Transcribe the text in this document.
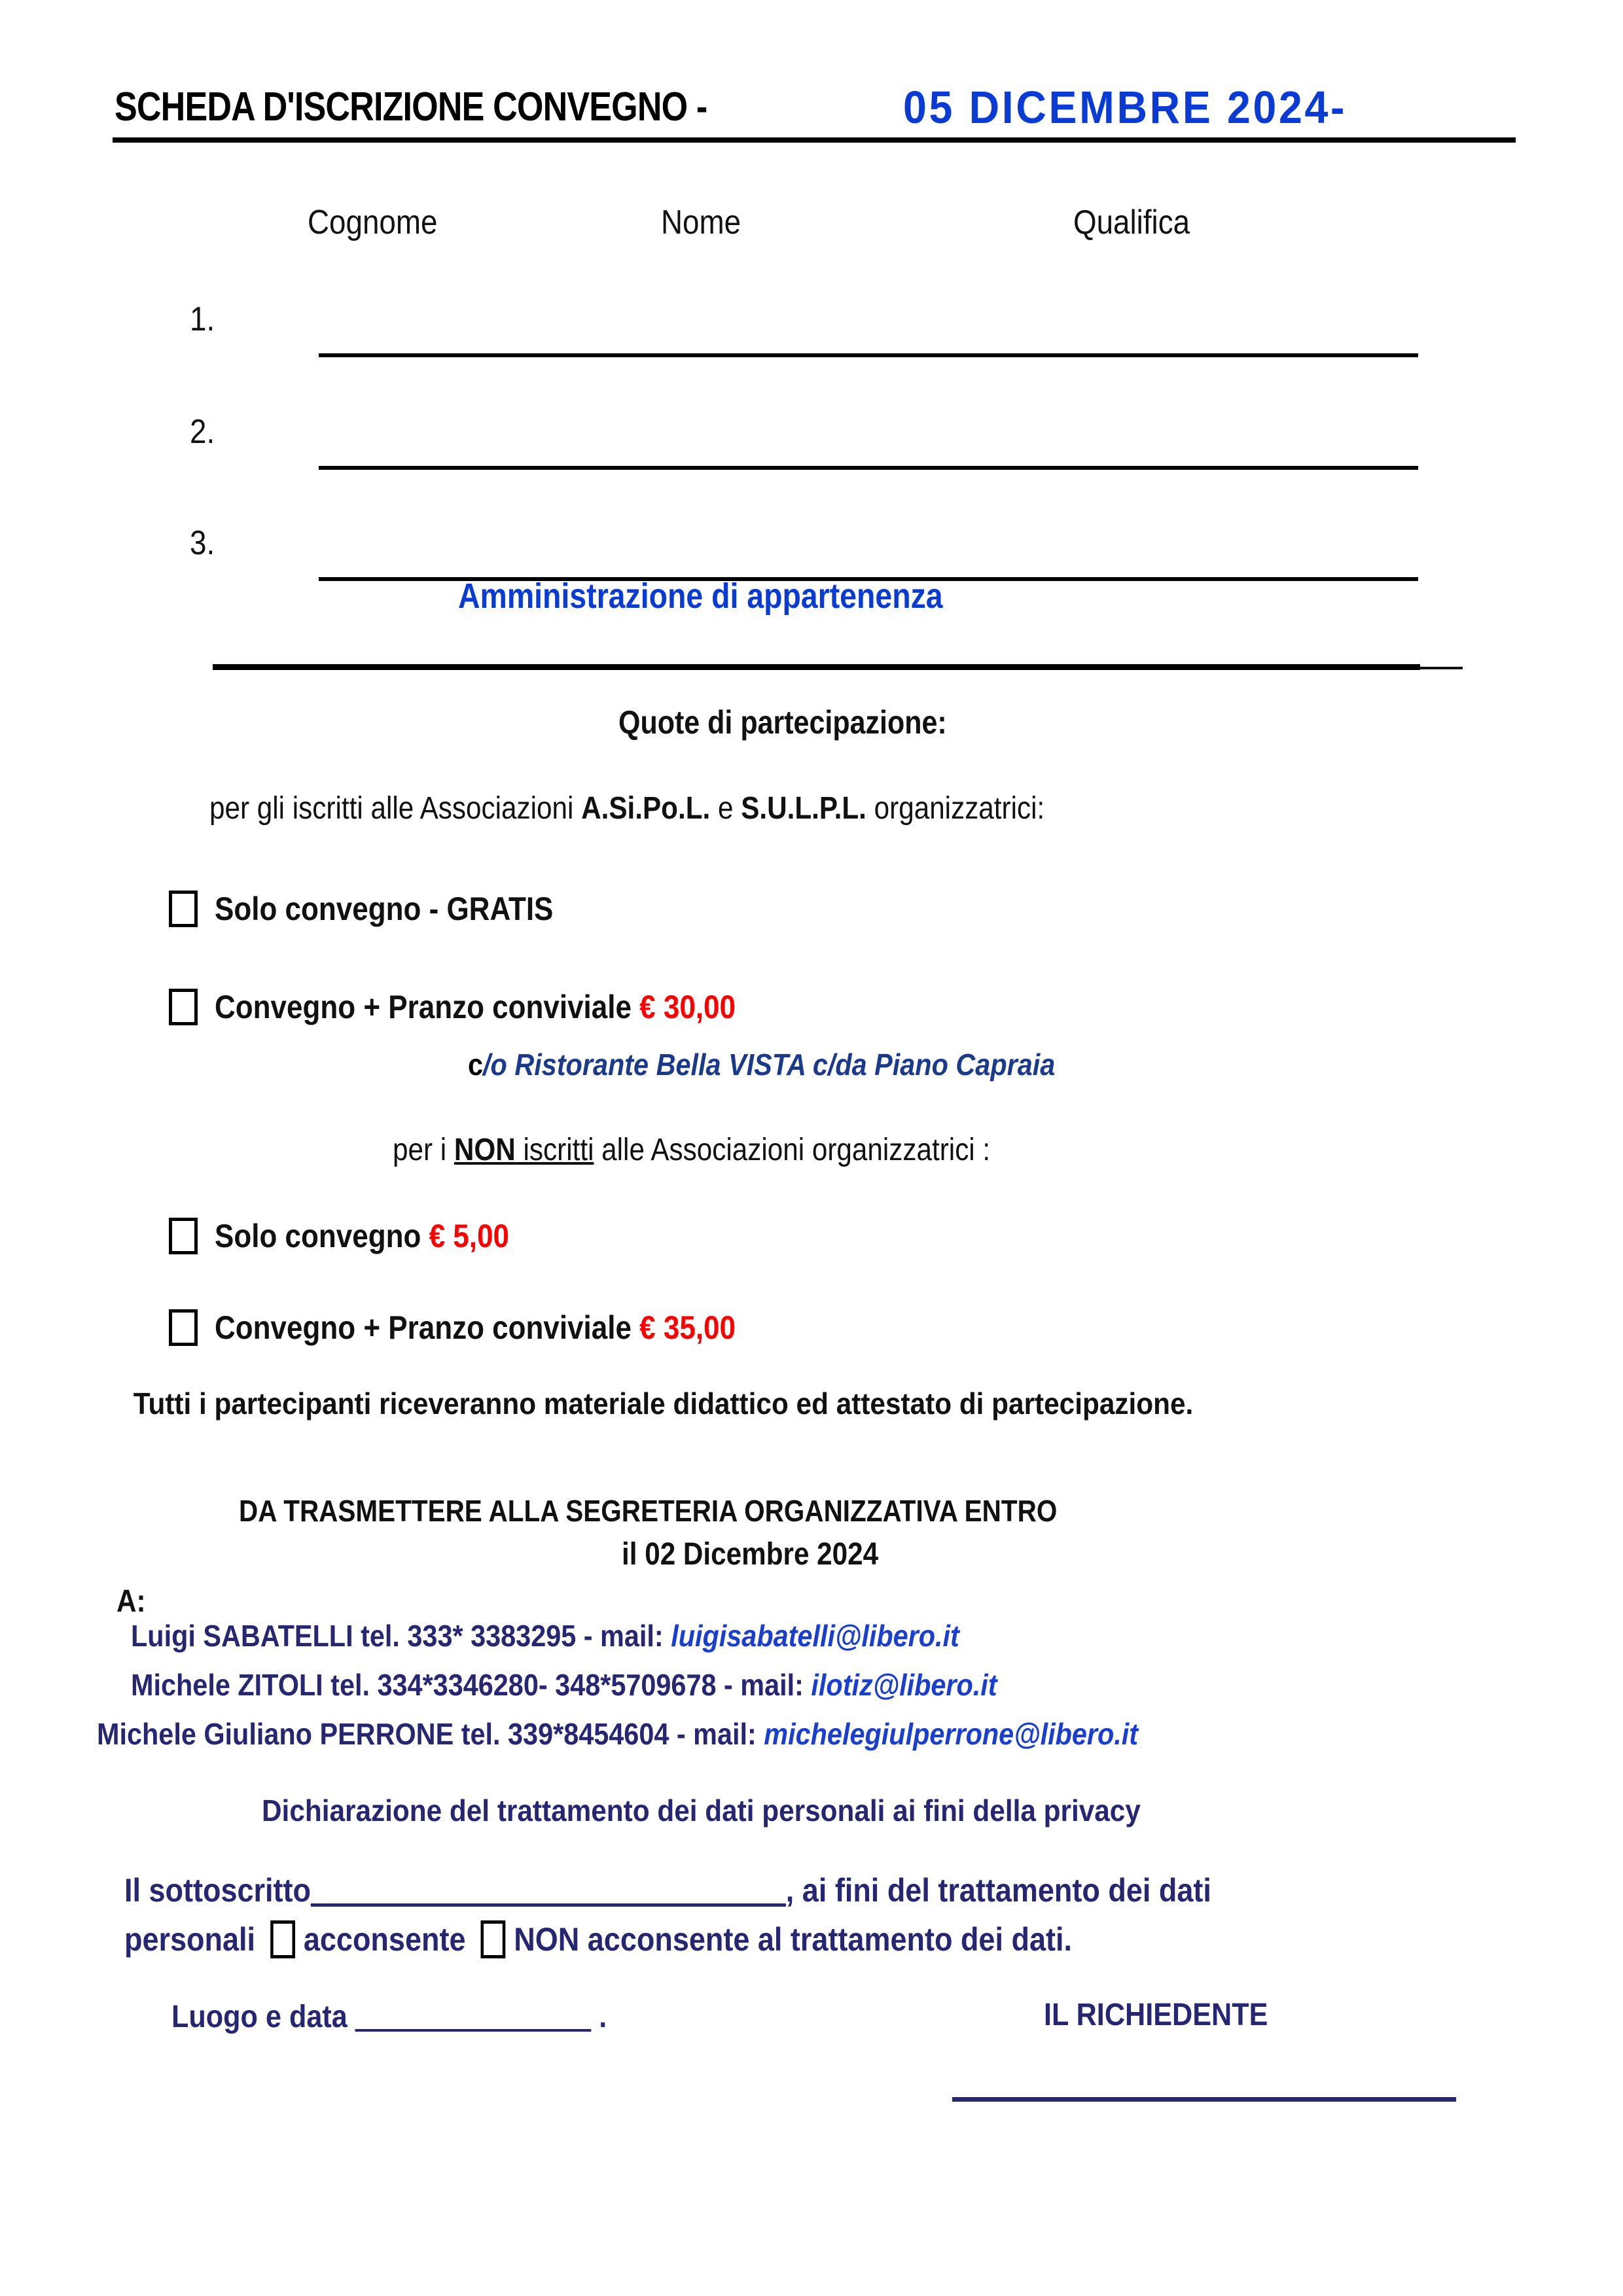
SCHEDA D'ISCRIZIONE CONVEGNO -	05 DICEMBRE 2024-
Cognome	Nome	Qualifica
1.
2.
3.
Amministrazione di appartenenza
Quote di partecipazione:
per gli iscritti alle Associazioni A.Si.Po.L. e S.U.L.P.L. organizzatrici:
Solo convegno - GRATIS
Convegno + Pranzo conviviale € 30,00
c/o Ristorante Bella VISTA c/da Piano Capraia
per i NON iscritti alle Associazioni organizzatrici :
Solo convegno € 5,00
Convegno + Pranzo conviviale € 35,00
Tutti i partecipanti riceveranno materiale didattico ed attestato di partecipazione.
DA TRASMETTERE ALLA SEGRETERIA ORGANIZZATIVA ENTRO
il 02 Dicembre 2024
A:
Luigi SABATELLI tel. 333* 3383295 - mail: luigisabatelli@libero.it
Michele ZITOLI tel. 334*3346280- 348*5709678 - mail: ilotiz@libero.it
Michele Giuliano PERRONE tel. 339*8454604 - mail: michelegiulperrone@libero.it
Dichiarazione del trattamento dei dati personali ai fini della privacy
Il sottoscritto_____________________________, ai fini del trattamento dei dati
personali acconsente NON acconsente al trattamento dei dati.
Luogo e data _______________ .	IL RICHIEDENTE
